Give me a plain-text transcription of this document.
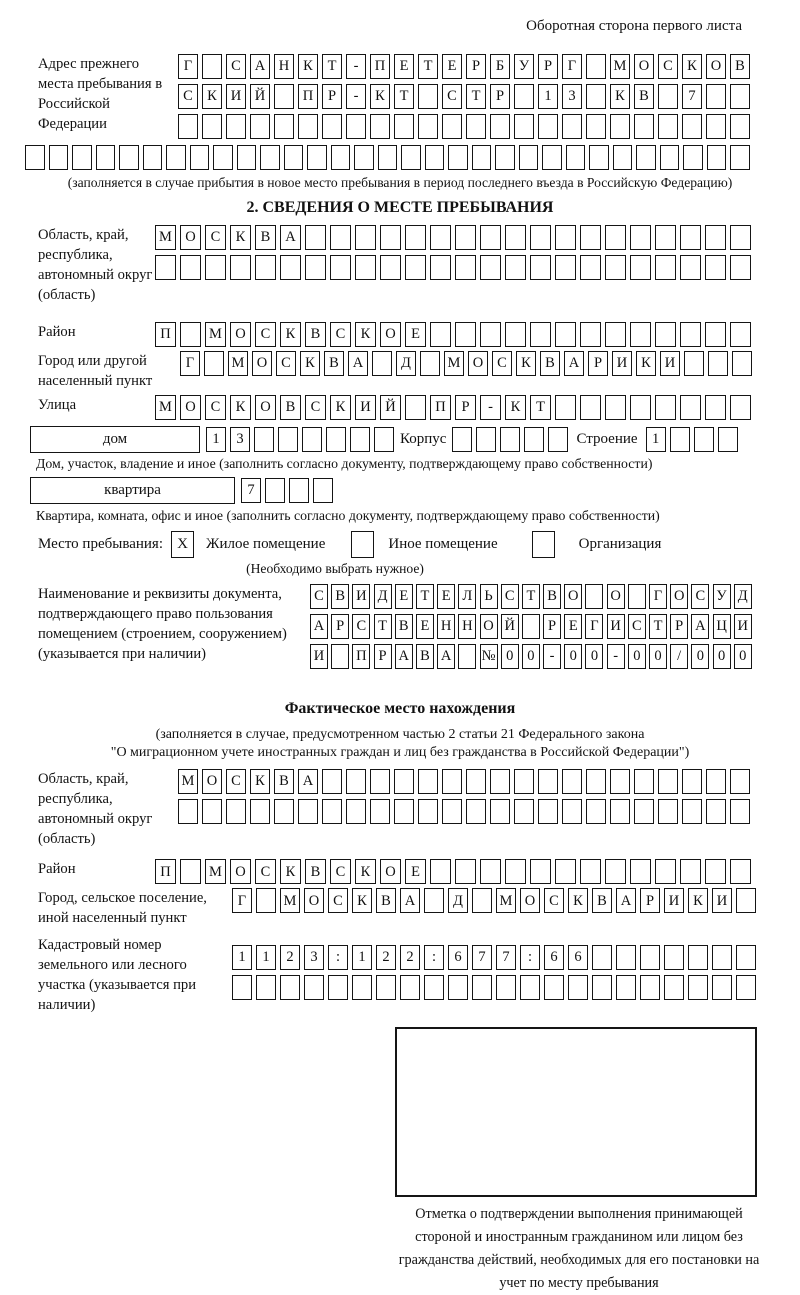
Оборотная сторона первого листа
Адрес прежнего места пребывания в Российской Федерации
Г	С А Н К	Т	-	П Е	Т	Е	Р	Б	У	Р	Г	М О С К О В
С К И Й	П	Р	-	К	Т	С	Т	Р	1	3	К В	7
(заполняется в случае прибытия в новое место пребывания в период последнего въезда в Российскую Федерацию)
2. СВЕДЕНИЯ О МЕСТЕ ПРЕБЫВАНИЯ
Область, край, республика, автономный округ (область)
М О	С	К	В	А
Район	П	М О	С	К	В	С	К	О	Е
Город или другой населенный пункт
Г	М О С К В А	Д	М О С К В А	Р	И К И
Улица	М О	С	К	О	В	С	К	И	Й	П	Р	-	К	Т
дом	1	3	Корпус	Строение 1
Дом, участок, владение и иное (заполнить согласно документу, подтверждающему право собственности)
квартира	7
Квартира, комната, офис и иное (заполнить согласно документу, подтверждающему право собственности)
Место пребывания: X	Жилое помещение	Иное помещение	Организация
(Необходимо выбрать нужное)
Наименование и реквизиты документа, подтверждающего право пользования помещением (строением, сооружением) (указывается при наличии)
С В И Д Е Т Е Л Ь С Т В О О	Г О С У Д
А Р С Т В Е Н Н О Й	Р Е Г И С Т Р А Ц И
И П Р А В А № 0 0	-	0 0	-	0 0	/	0 0 0
Фактическое место нахождения
(заполняется в случае, предусмотренном частью 2 статьи 21 Федерального закона
"О миграционном учете иностранных граждан и лиц без гражданства в Российской Федерации")
Область, край, республика, автономный округ (область)
М О С К В А
Район	П	М О	С	К	В	С	К	О	Е
Город, сельское поселение, иной населенный пункт
Г	М О С К В А	Д	М О С К В А	Р	И К И
Кадастровый номер земельного или лесного участка (указывается при наличии)
1	1	2	3	:	1	2	2	:	6	7	7	:	6	6
Отметка о подтверждении выполнения принимающей стороной и иностранным гражданином или лицом без гражданства действий, необходимых для его постановки на учет по месту пребывания
